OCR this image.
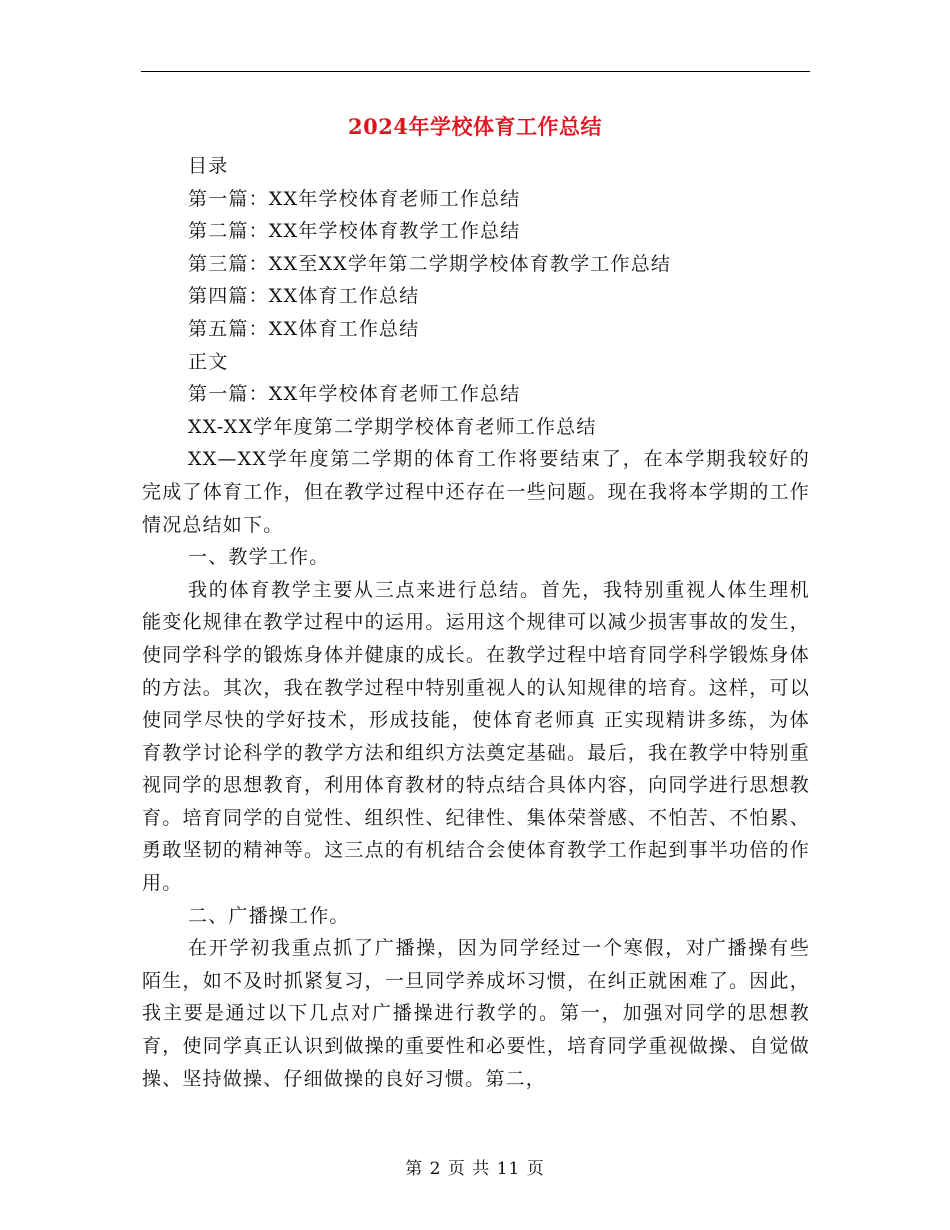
2024年学校体育工作总结
目录
第一篇：XX年学校体育老师工作总结
第二篇：XX年学校体育教学工作总结
第三篇：XX至XX学年第二学期学校体育教学工作总结
第四篇：XX体育工作总结
第五篇：XX体育工作总结
正文
第一篇：XX年学校体育老师工作总结
XX-XX学年度第二学期学校体育老师工作总结

XX—XX学年度第二学期的体育工作将要结束了，在本学期我较好的完成了体育工作，但在教学过程中还存在一些问题。现在我将本学期的工作情况总结如下。

一、教学工作。

我的体育教学主要从三点来进行总结。首先，我特别重视人体生理机能变化规律在教学过程中的运用。运用这个规律可以减少损害事故的发生，使同学科学的锻炼身体并健康的成长。在教学过程中培育同学科学锻炼身体的方法。其次，我在教学过程中特别重视人的认知规律的培育。这样，可以使同学尽快的学好技术，形成技能，使体育老师真 正实现精讲多练，为体育教学讨论科学的教学方法和组织方法奠定基础。最后，我在教学中特别重视同学的思想教育，利用体育教材的特点结合具体内容，向同学进行思想教育。培育同学的自觉性、组织性、纪律性、集体荣誉感、不怕苦、不怕累、勇敢坚韧的精神等。这三点的有机结合会使体育教学工作起到事半功倍的作用。

二、广播操工作。

在开学初我重点抓了广播操，因为同学经过一个寒假，对广播操有些陌生，如不及时抓紧复习，一旦同学养成坏习惯，在纠正就困难了。因此，我主要是通过以下几点对广播操进行教学的。第一，加强对同学的思想教育，使同学真正认识到做操的重要性和必要性，培育同学重视做操、自觉做操、坚持做操、仔细做操的良好习惯。第二，

第 2 页 共 11 页
